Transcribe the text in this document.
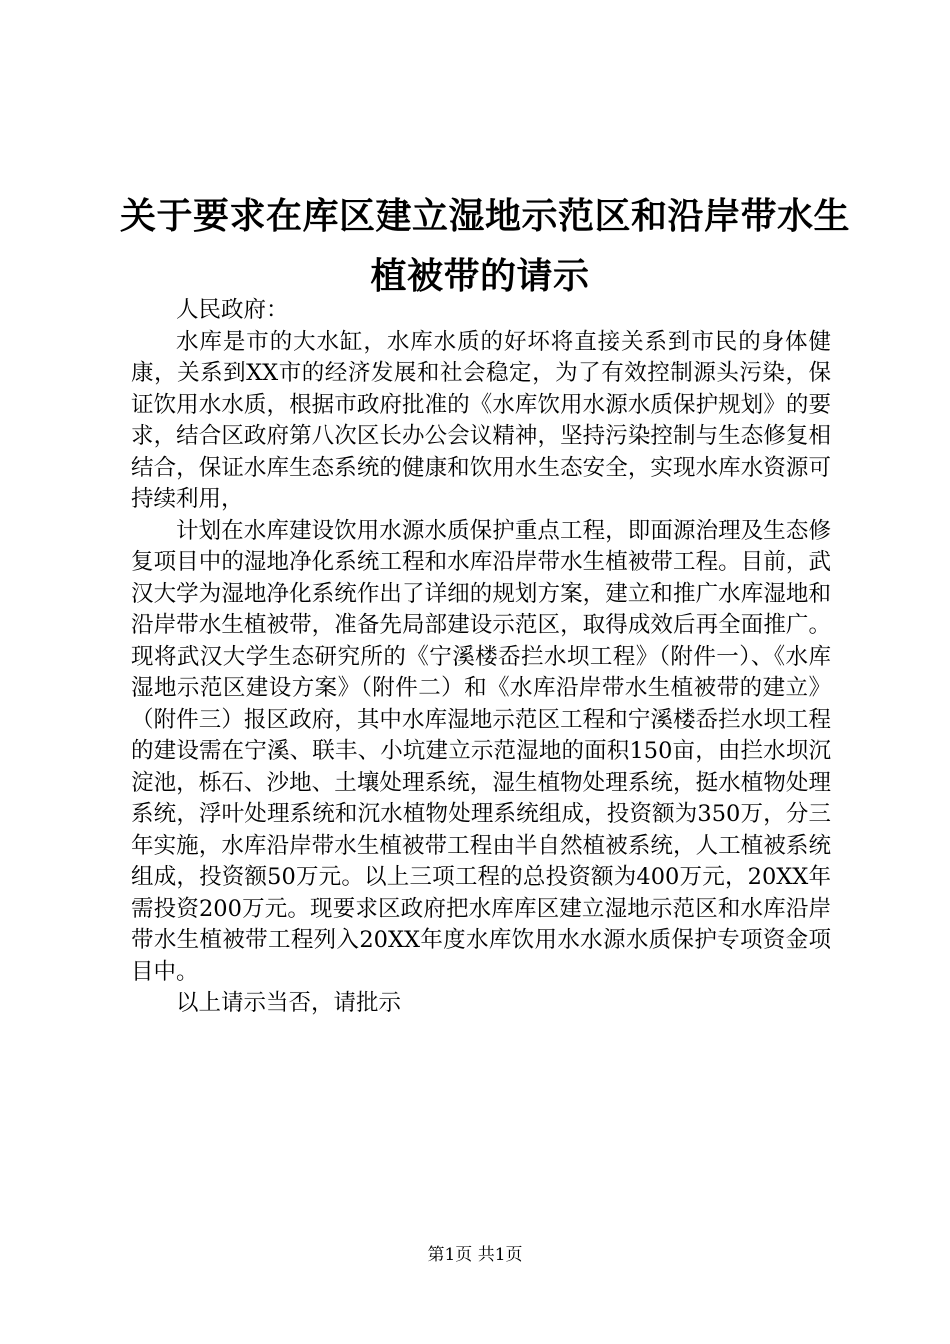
关于要求在库区建立湿地示范区和沿岸带水生
植被带的请示

人民政府：

水库是市的大水缸，水库水质的好坏将直接关系到市民的身体健康，关系到XX市的经济发展和社会稳定，为了有效控制源头污染，保证饮用水水质，根据市政府批准的《水库饮用水源水质保护规划》的要求，结合区政府第八次区长办公会议精神，坚持污染控制与生态修复相结合，保证水库生态系统的健康和饮用水生态安全，实现水库水资源可持续利用，

计划在水库建设饮用水源水质保护重点工程，即面源治理及生态修复项目中的湿地净化系统工程和水库沿岸带水生植被带工程。目前，武汉大学为湿地净化系统作出了详细的规划方案，建立和推广水库湿地和沿岸带水生植被带，准备先局部建设示范区，取得成效后再全面推广。现将武汉大学生态研究所的《宁溪楼岙拦水坝工程》（附件一）、《水库湿地示范区建设方案》（附件二）和《水库沿岸带水生植被带的建立》（附件三）报区政府，其中水库湿地示范区工程和宁溪楼岙拦水坝工程的建设需在宁溪、联丰、小坑建立示范湿地的面积150亩，由拦水坝沉淀池，栎石、沙地、土壤处理系统，湿生植物处理系统，挺水植物处理系统，浮叶处理系统和沉水植物处理系统组成，投资额为350万，分三年实施，水库沿岸带水生植被带工程由半自然植被系统，人工植被系统组成，投资额50万元。以上三项工程的总投资额为400万元，20XX年需投资200万元。现要求区政府把水库库区建立湿地示范区和水库沿岸带水生植被带工程列入20XX年度水库饮用水水源水质保护专项资金项目中。

以上请示当否，请批示

第1页 共1页
